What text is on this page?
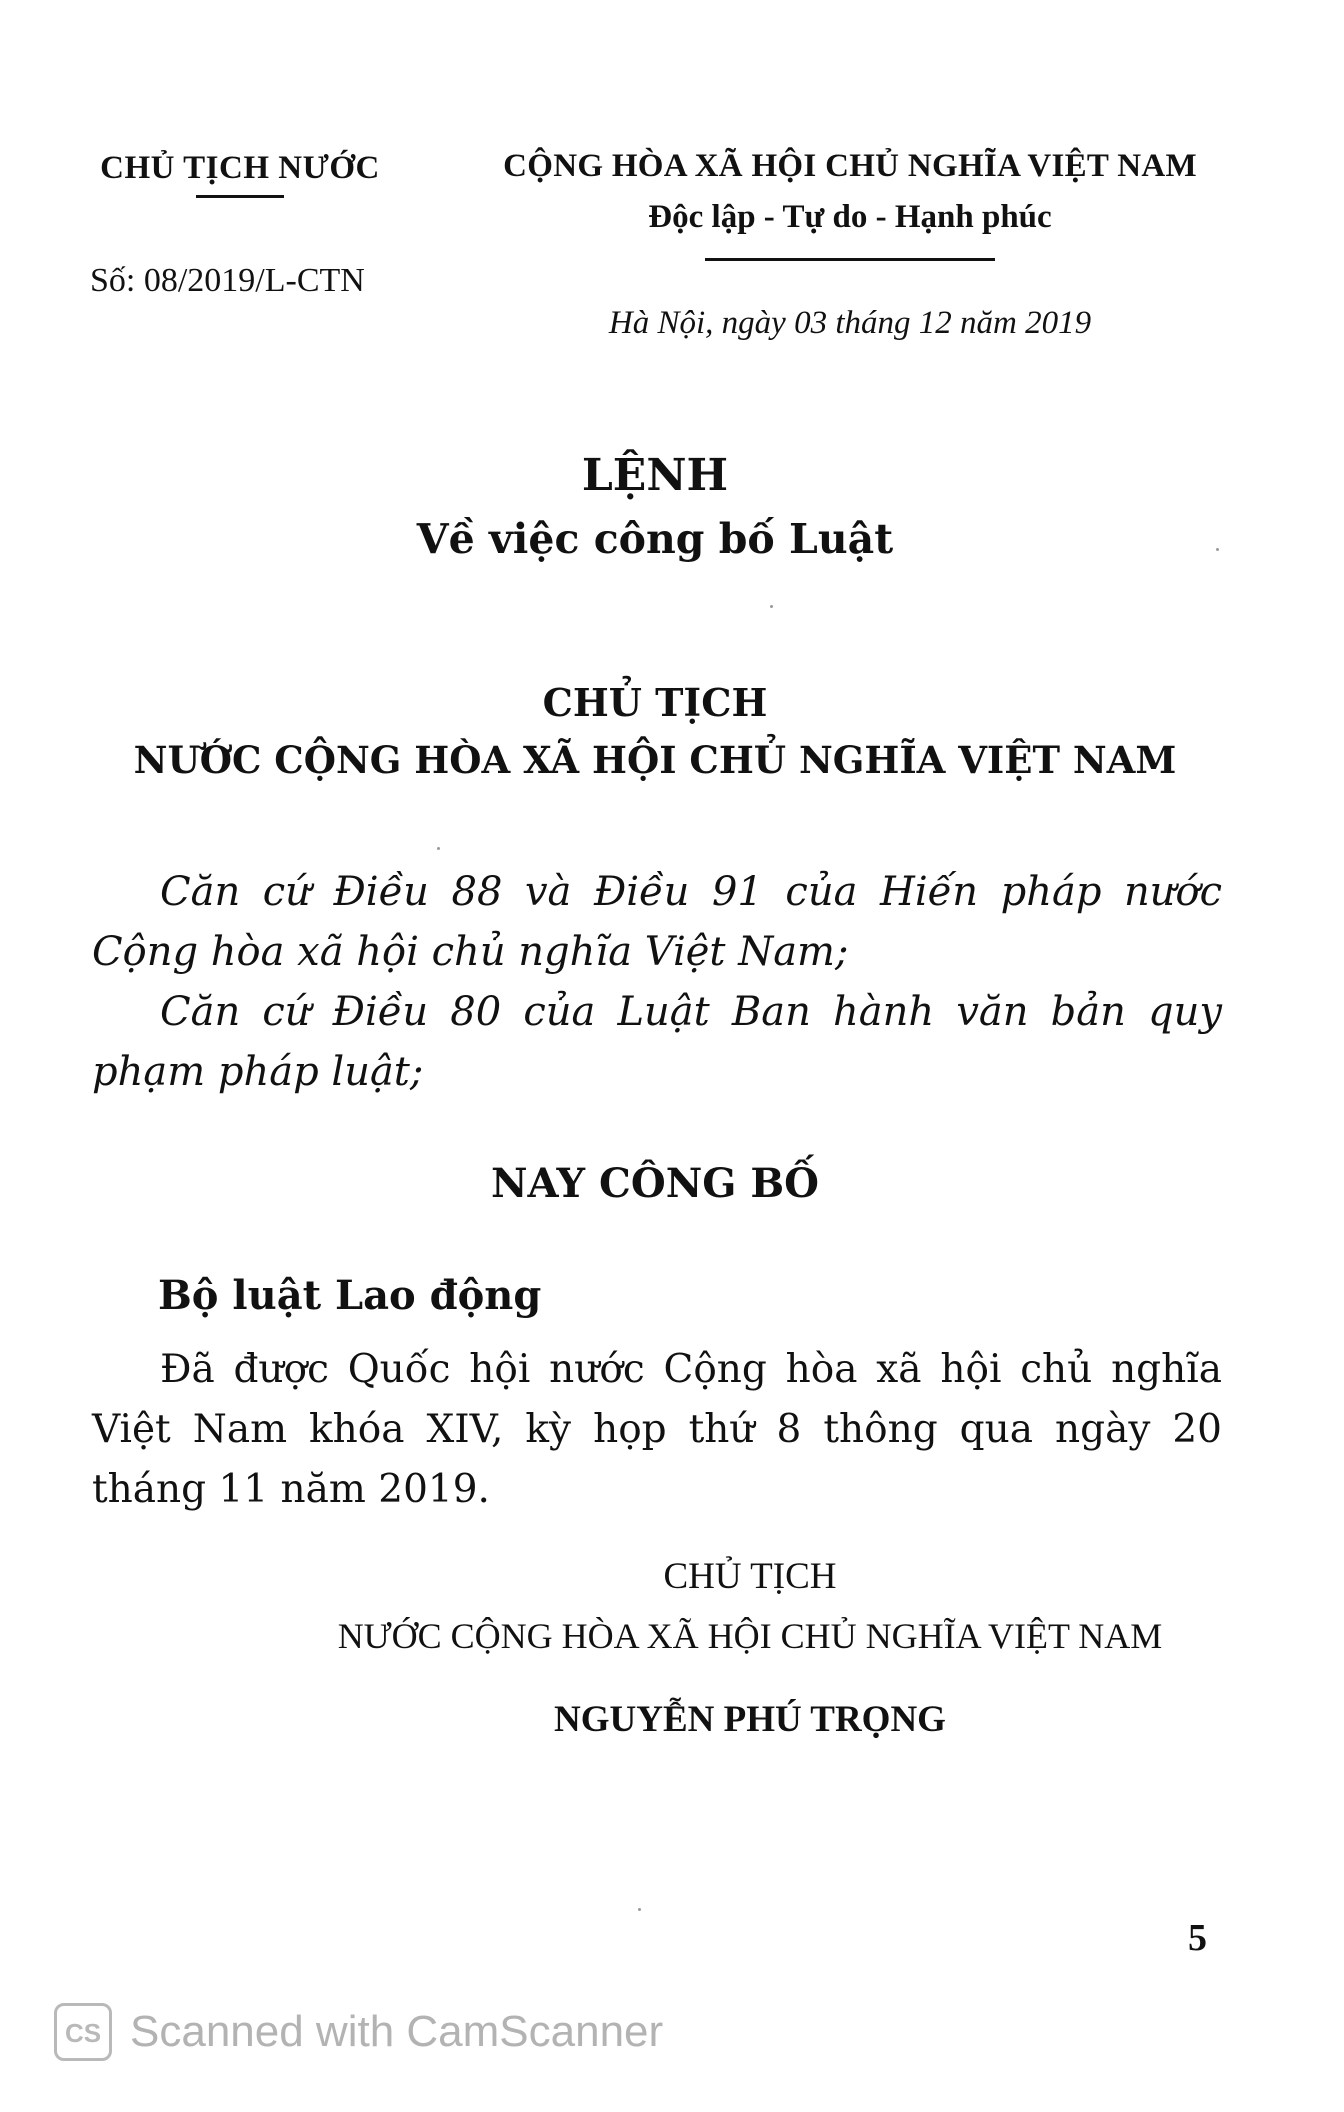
CHỦ TỊCH NƯỚC
Số: 08/2019/L-CTN
CỘNG HÒA XÃ HỘI CHỦ NGHĨA VIỆT NAM
Độc lập - Tự do - Hạnh phúc
Hà Nội, ngày 03 tháng 12 năm 2019
LỆNH
Về việc công bố Luật
CHỦ TỊCH
NƯỚC CỘNG HÒA XÃ HỘI CHỦ NGHĨA VIỆT NAM

Căn cứ Điều 88 và Điều 91 của Hiến pháp nước Cộng hòa xã hội chủ nghĩa Việt Nam;

Căn cứ Điều 80 của Luật Ban hành văn bản quy phạm pháp luật;

NAY CÔNG BỐ
Bộ luật Lao động
Đã được Quốc hội nước Cộng hòa xã hội chủ nghĩa Việt Nam khóa XIV, kỳ họp thứ 8 thông qua ngày 20 tháng 11 năm 2019.
CHỦ TỊCH
NƯỚC CỘNG HÒA XÃ HỘI CHỦ NGHĨA VIỆT NAM
NGUYỄN PHÚ TRỌNG
5
CS Scanned with CamScanner
